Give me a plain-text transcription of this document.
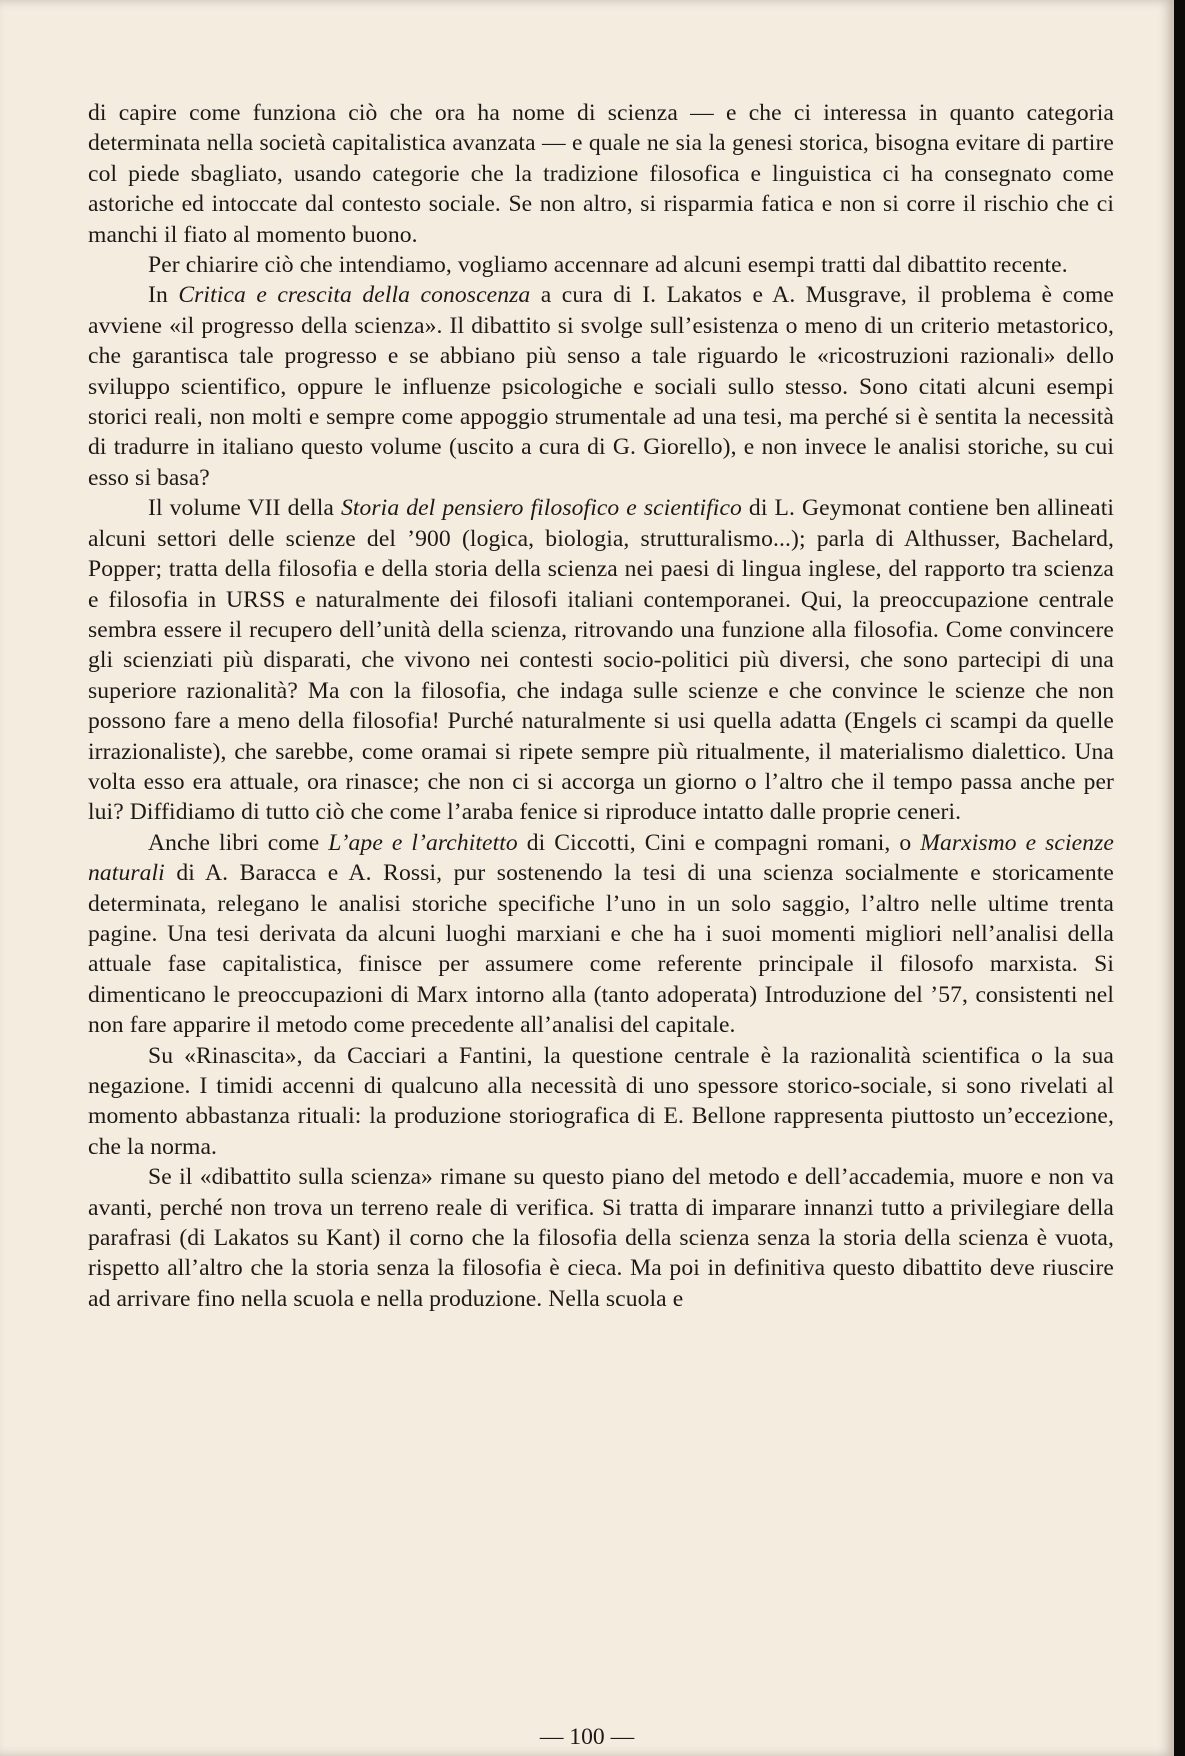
di capire come funziona ciò che ora ha nome di scienza — e che ci interessa in quanto categoria determinata nella società capitalistica avanzata — e quale ne sia la genesi storica, bisogna evitare di partire col piede sbagliato, usando categorie che la tradizione filosofica e linguistica ci ha consegnato come astoriche ed intoccate dal contesto sociale. Se non altro, si risparmia fatica e non si corre il rischio che ci manchi il fiato al momento buono.

Per chiarire ciò che intendiamo, vogliamo accennare ad alcuni esempi tratti dal dibattito recente.

In Critica e crescita della conoscenza a cura di I. Lakatos e A. Musgrave, il problema è come avviene «il progresso della scienza». Il dibattito si svolge sull’esistenza o meno di un criterio metastorico, che garantisca tale progresso e se abbiano più senso a tale riguardo le «ricostruzioni razionali» dello sviluppo scientifico, oppure le influenze psicologiche e sociali sullo stesso. Sono citati alcuni esempi storici reali, non molti e sempre come appoggio strumentale ad una tesi, ma perché si è sentita la necessità di tradurre in italiano questo volume (uscito a cura di G. Giorello), e non invece le analisi storiche, su cui esso si basa?

Il volume VII della Storia del pensiero filosofico e scientifico di L. Geymonat contiene ben allineati alcuni settori delle scienze del ’900 (logica, biologia, strutturalismo...); parla di Althusser, Bachelard, Popper; tratta della filosofia e della storia della scienza nei paesi di lingua inglese, del rapporto tra scienza e filosofia in URSS e naturalmente dei filosofi italiani contemporanei. Qui, la preoccupazione centrale sembra essere il recupero dell’unità della scienza, ritrovando una funzione alla filosofia. Come convincere gli scienziati più disparati, che vivono nei contesti socio-politici più diversi, che sono partecipi di una superiore razionalità? Ma con la filosofia, che indaga sulle scienze e che convince le scienze che non possono fare a meno della filosofia! Purché naturalmente si usi quella adatta (Engels ci scampi da quelle irrazionaliste), che sarebbe, come oramai si ripete sempre più ritualmente, il materialismo dialettico. Una volta esso era attuale, ora rinasce; che non ci si accorga un giorno o l’altro che il tempo passa anche per lui? Diffidiamo di tutto ciò che come l’araba fenice si riproduce intatto dalle proprie ceneri.

Anche libri come L’ape e l’architetto di Ciccotti, Cini e compagni romani, o Marxismo e scienze naturali di A. Baracca e A. Rossi, pur sostenendo la tesi di una scienza socialmente e storicamente determinata, relegano le analisi storiche specifiche l’uno in un solo saggio, l’altro nelle ultime trenta pagine. Una tesi derivata da alcuni luoghi marxiani e che ha i suoi momenti migliori nell’analisi della attuale fase capitalistica, finisce per assumere come referente principale il filosofo marxista. Si dimenticano le preoccupazioni di Marx intorno alla (tanto adoperata) Introduzione del ’57, consistenti nel non fare apparire il metodo come precedente all’analisi del capitale.

Su «Rinascita», da Cacciari a Fantini, la questione centrale è la razionalità scientifica o la sua negazione. I timidi accenni di qualcuno alla necessità di uno spessore storico-sociale, si sono rivelati al momento abbastanza rituali: la produzione storiografica di E. Bellone rappresenta piuttosto un’eccezione, che la norma.

Se il «dibattito sulla scienza» rimane su questo piano del metodo e dell’accademia, muore e non va avanti, perché non trova un terreno reale di verifica. Si tratta di imparare innanzi tutto a privilegiare della parafrasi (di Lakatos su Kant) il corno che la filosofia della scienza senza la storia della scienza è vuota, rispetto all’altro che la storia senza la filosofia è cieca. Ma poi in definitiva questo dibattito deve riuscire ad arrivare fino nella scuola e nella produzione. Nella scuola e

— 100 —
